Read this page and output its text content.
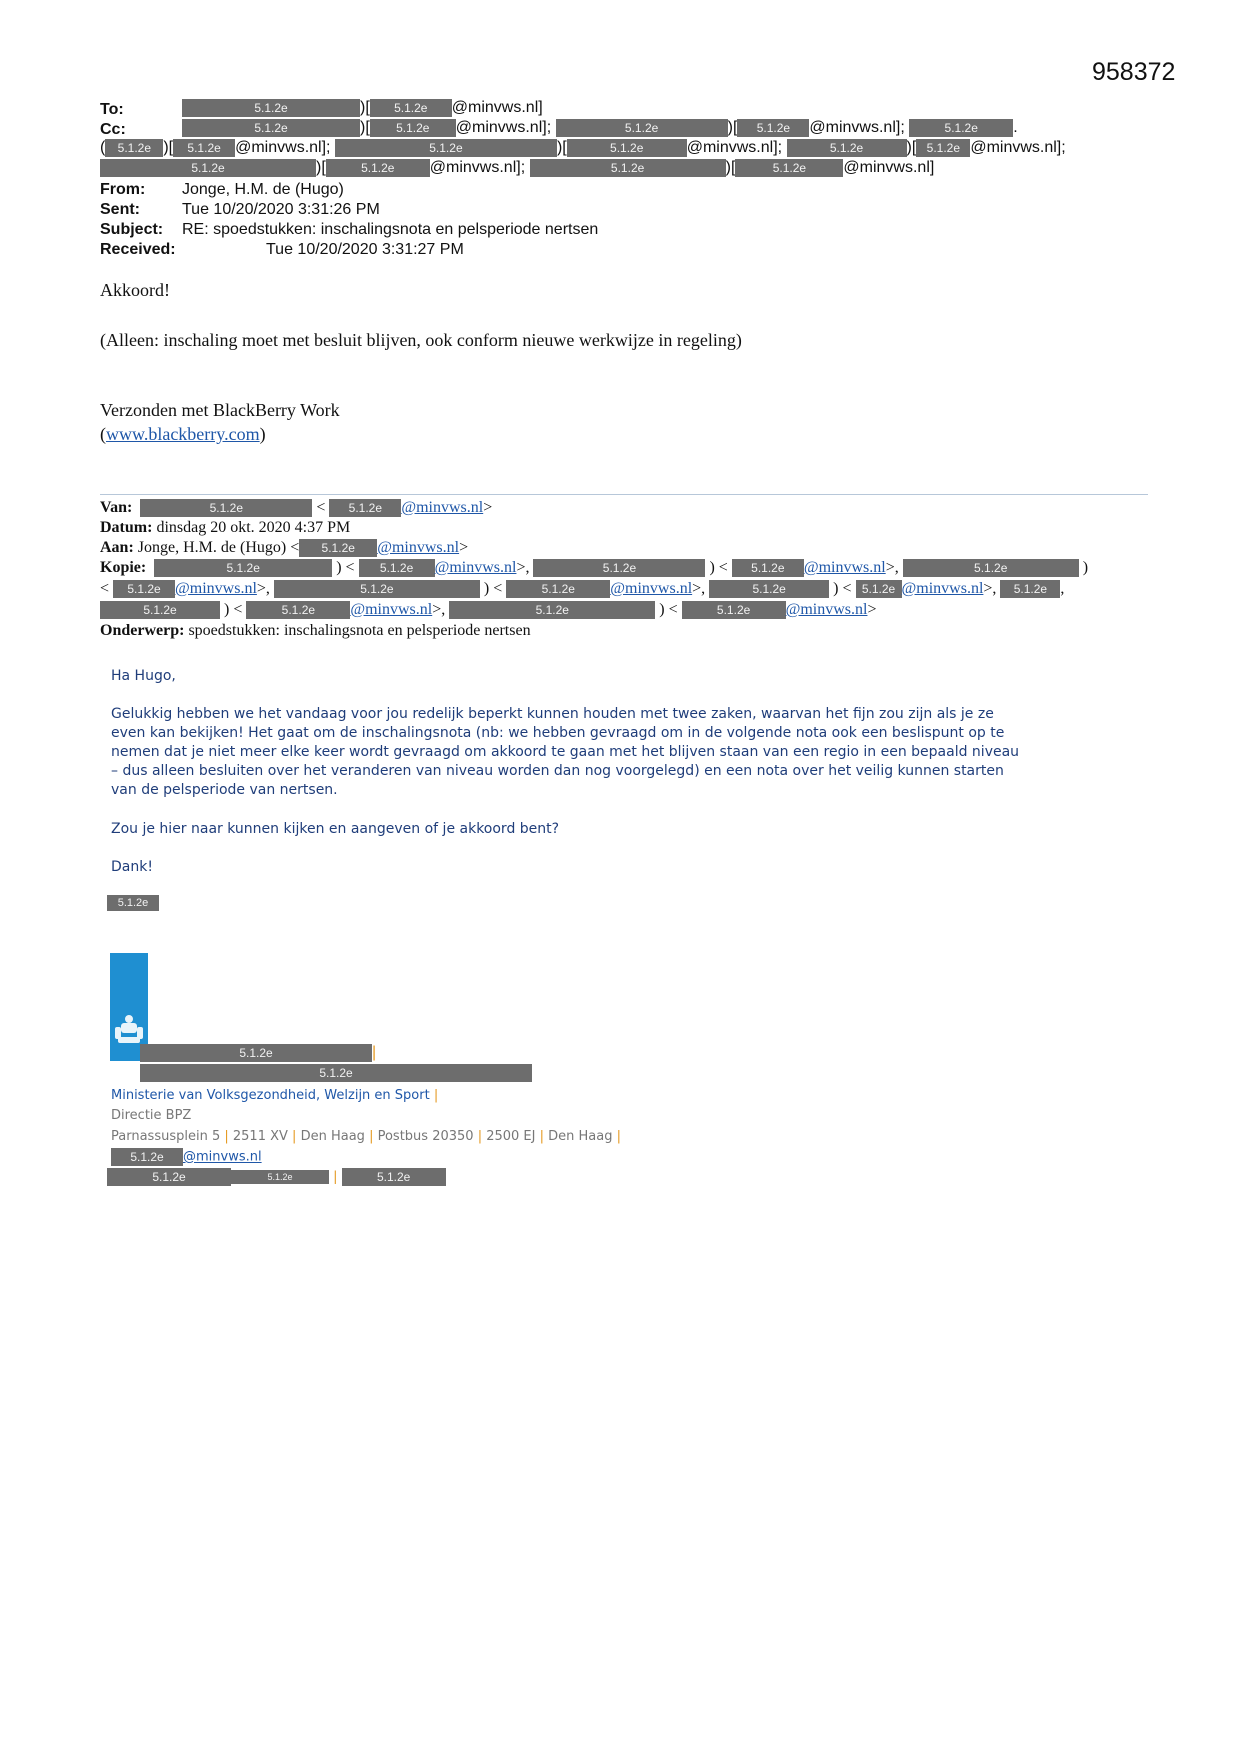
958372
To:	5.1.2e	)[ 5.1.2e @minvws.nl]
Cc:	5.1.2e	)[ 5.1.2e @minvws.nl];	5.1.2e	)[ 5.1.2e @minvws.nl];	5.1.2e .
( 5.1.2e )[ 5.1.2e @minvws.nl];	5.1.2e	)[	5.1.2e	@minvws.nl];	5.1.2e	)[ 5.1.2e @minvws.nl];
5.1.2e	)[	5.1.2e @minvws.nl];	5.1.2e	)[	5.1.2e @minvws.nl]
From: Jonge, H.M. de (Hugo)
Sent:	Tue 10/20/2020 3:31:26 PM
Subject: RE: spoedstukken: inschalingsnota en pelsperiode nertsen
Received:	Tue 10/20/2020 3:31:27 PM
Akkoord!
(Alleen: inschaling moet met besluit blijven, ook conform nieuwe werkwijze in regeling)
Verzonden met BlackBerry Work
(www.blackberry.com)
Van:	5.1.2e	< 5.1.2e @minvws.nl>
Datum: dinsdag 20 okt. 2020 4:37 PM
Aan: Jonge, H.M. de (Hugo) < 5.1.2e @minvws.nl>
Kopie:	5.1.2e	) < 5.1.2e @minvws.nl>,	5.1.2e	) < 5.1.2e @minvws.nl>,	5.1.2e	)
< 5.1.2e @minvws.nl>,	5.1.2e	) <	5.1.2e @minvws.nl>,	5.1.2e	) < 5.1.2e @minvws.nl>, 5.1.2e ,
5.1.2e	) <	5.1.2e @minvws.nl>,	5.1.2e	) <	5.1.2e @minvws.nl>
Onderwerp: spoedstukken: inschalingsnota en pelsperiode nertsen
Ha Hugo,
Gelukkig hebben we het vandaag voor jou redelijk beperkt kunnen houden met twee zaken, waarvan het fijn zou zijn als je ze
even kan bekijken! Het gaat om de inschalingsnota (nb: we hebben gevraagd om in de volgende nota ook een beslispunt op te
nemen dat je niet meer elke keer wordt gevraagd om akkoord te gaan met het blijven staan van een regio in een bepaald niveau
– dus alleen besluiten over het veranderen van niveau worden dan nog voorgelegd) en een nota over het veilig kunnen starten
van de pelsperiode van nertsen.
Zou je hier naar kunnen kijken en aangeven of je akkoord bent?
Dank!
5.1.2e
5.1.2e	|
5.1.2e
Ministerie van Volksgezondheid, Welzijn en Sport |
Directie BPZ
Parnassusplein 5 | 2511 XV | Den Haag | Postbus 20350 | 2500 EJ | Den Haag |
5.1.2e @minvws.nl
5.1.2e	5.1.2e	|	5.1.2e
